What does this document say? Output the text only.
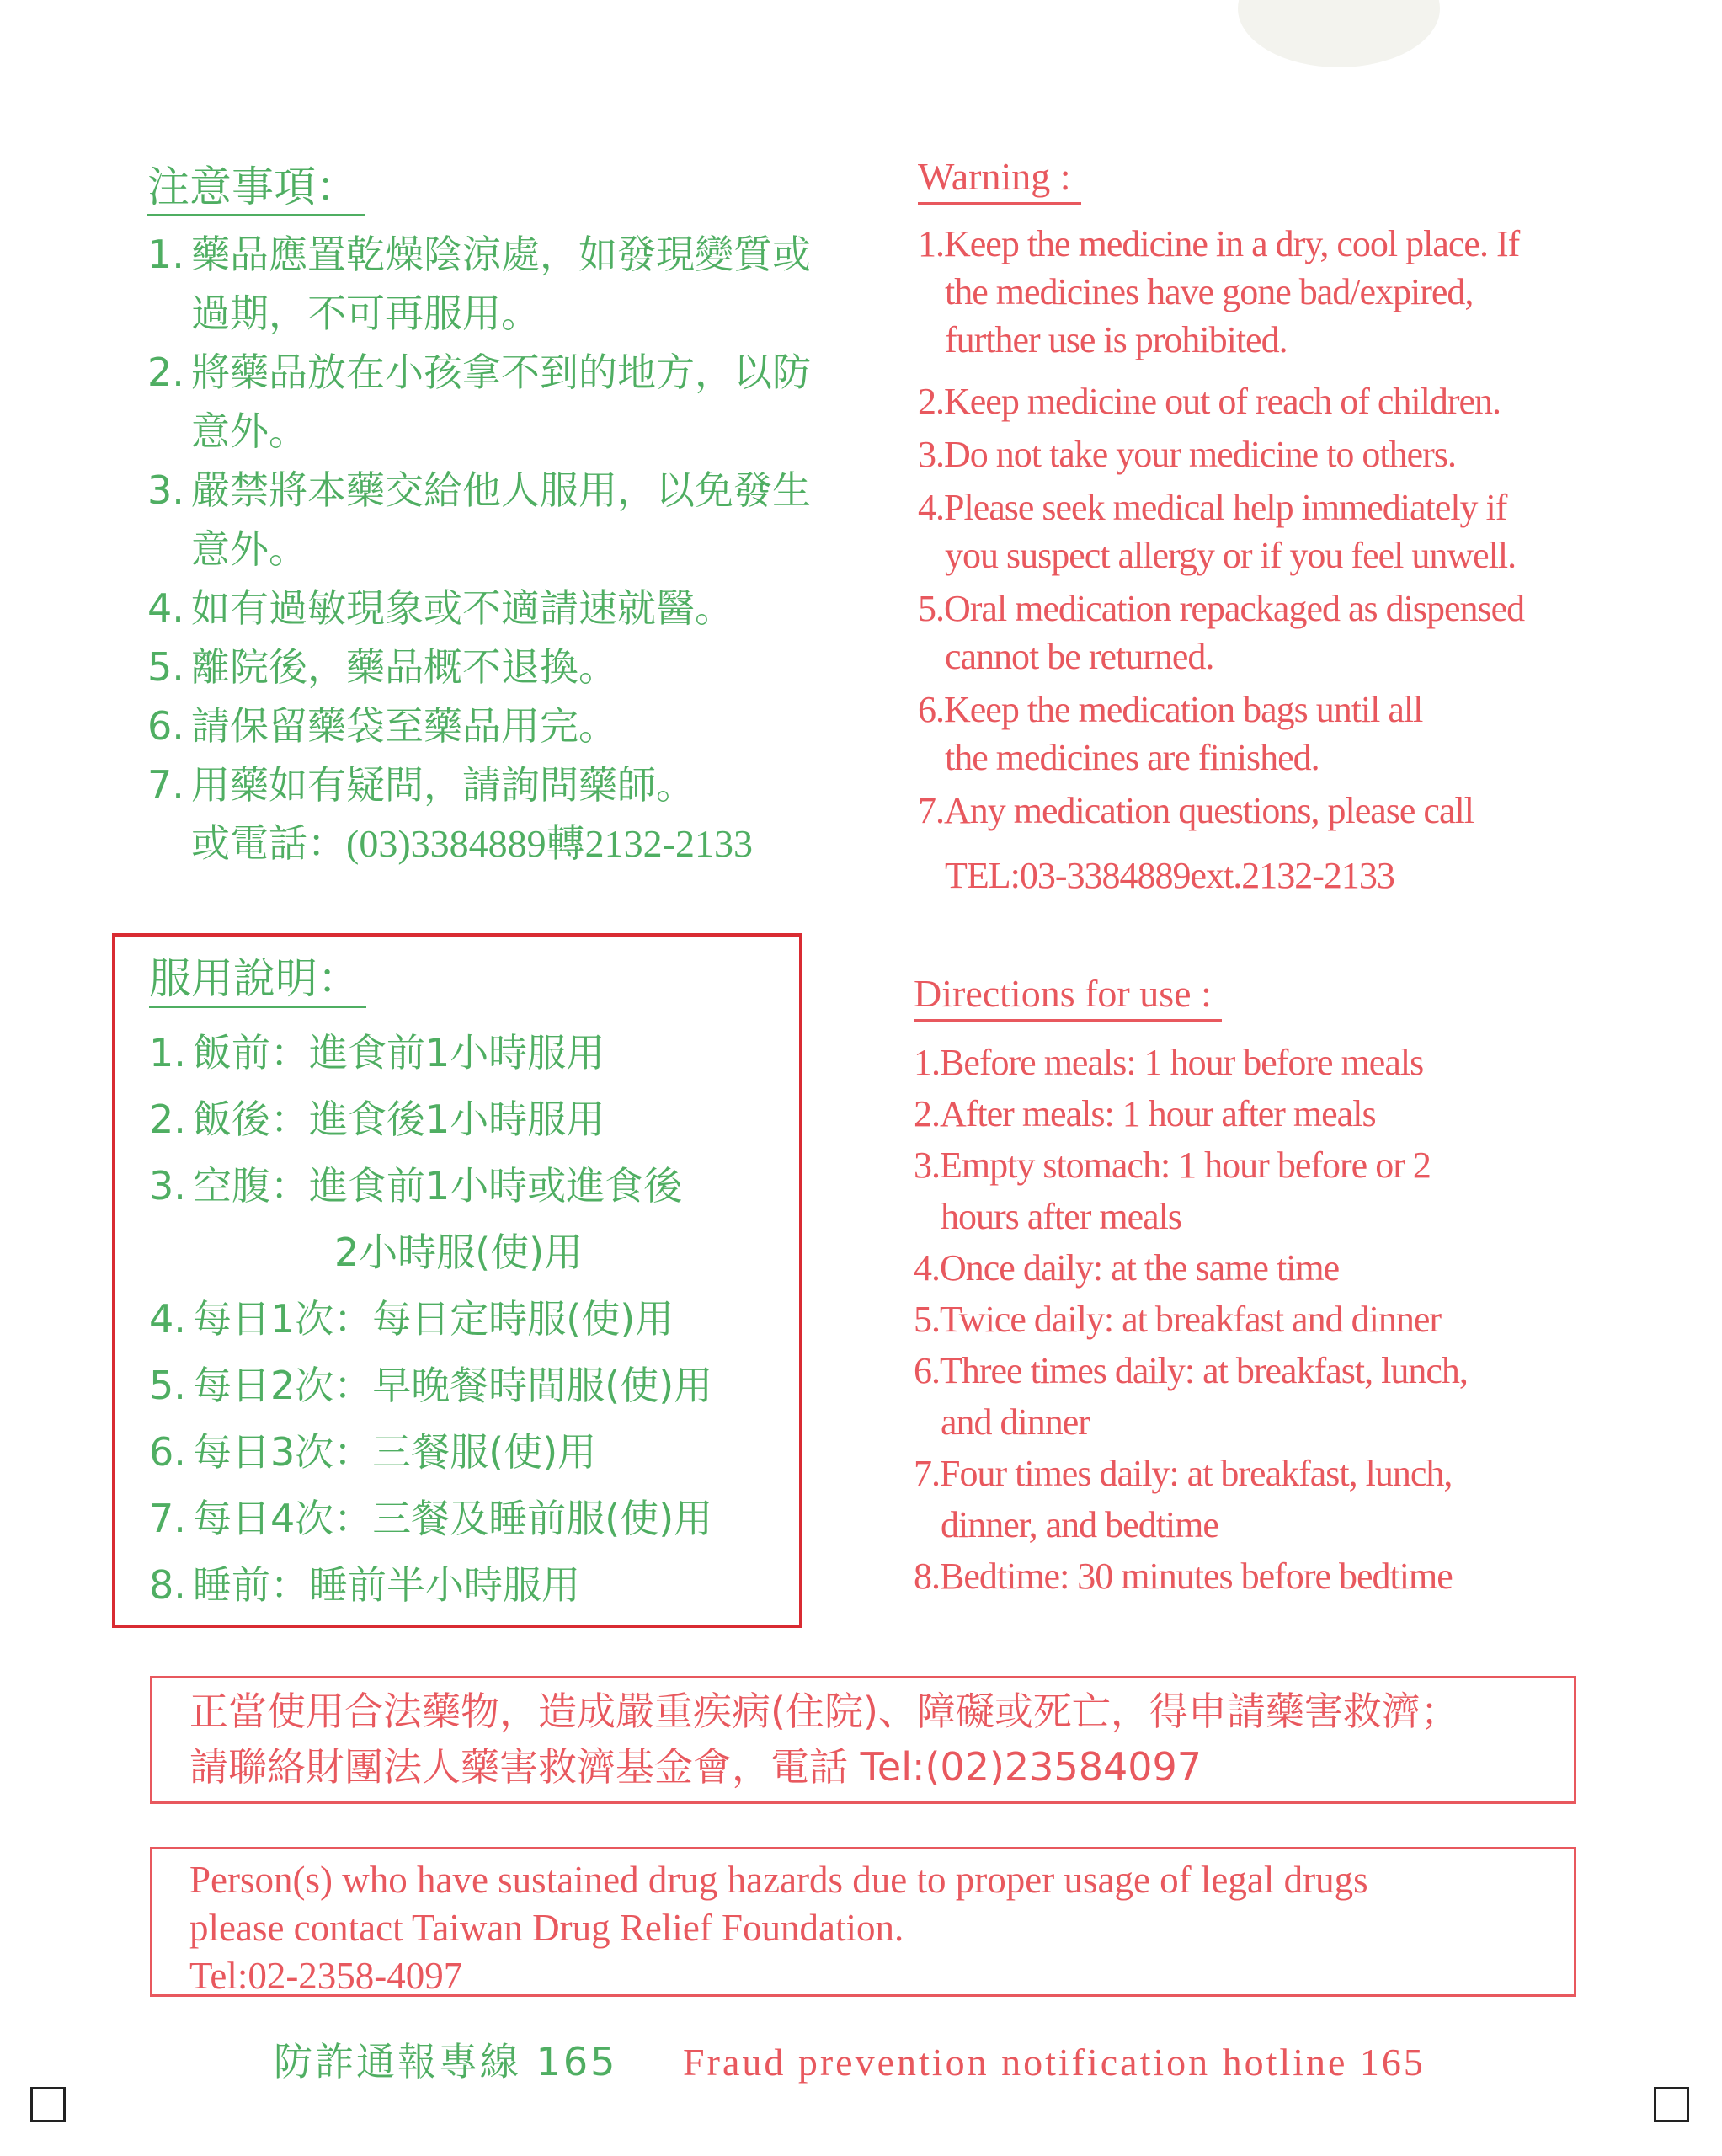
注意事項：
1. 藥品應置乾燥陰涼處，如發現變質或
過期，不可再服用。
2. 將藥品放在小孩拿不到的地方，以防
意外。
3. 嚴禁將本藥交給他人服用，以免發生
意外。
4. 如有過敏現象或不適請速就醫。
5. 離院後，藥品概不退換。
6. 請保留藥袋至藥品用完。
7. 用藥如有疑問，請詢問藥師。
或電話：(03)3384889轉2132-2133
Warning :
1.Keep the medicine in a dry, cool place. If
the medicines have gone bad/expired,
further use is prohibited.
2.Keep medicine out of reach of children.
3.Do not take your medicine to others.
4.Please seek medical help immediately if
you suspect allergy or if you feel unwell.
5.Oral medication repackaged as dispensed
cannot be returned.
6.Keep the medication bags until all
the medicines are finished.
7.Any medication questions, please call
TEL:03-3384889ext.2132-2133
服用說明：
1. 飯前：進食前1小時服用
2. 飯後：進食後1小時服用
3. 空腹：進食前1小時或進食後
2小時服(使)用
4. 每日1次：每日定時服(使)用
5. 每日2次：早晚餐時間服(使)用
6. 每日3次：三餐服(使)用
7. 每日4次：三餐及睡前服(使)用
8. 睡前：睡前半小時服用
Directions for use :
1.Before meals: 1 hour before meals
2.After meals: 1 hour after meals
3.Empty stomach: 1 hour before or 2
hours after meals
4.Once daily: at the same time
5.Twice daily: at breakfast and dinner
6.Three times daily: at breakfast, lunch,
and dinner
7.Four times daily: at breakfast, lunch,
dinner, and bedtime
8.Bedtime: 30 minutes before bedtime
正當使用合法藥物，造成嚴重疾病(住院)、障礙或死亡，得申請藥害救濟；
請聯絡財團法人藥害救濟基金會，電話 Tel:(02)23584097
Person(s) who have sustained drug hazards due to proper usage of legal drugs
please contact Taiwan Drug Relief Foundation.
Tel:02-2358-4097
防詐通報專線 165 Fraud prevention notification hotline 165
